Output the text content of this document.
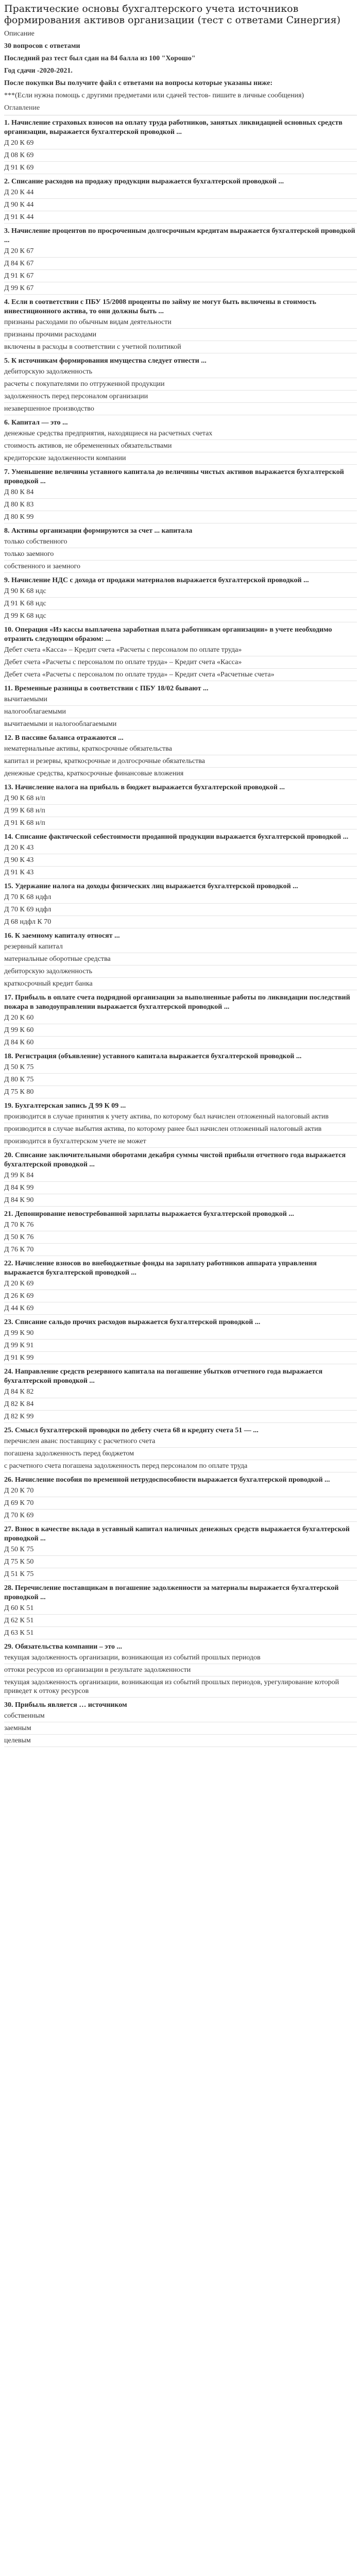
Практические основы бухгалтерского учета источников формирования активов организации (тест с ответами Синергия)
Описание
30 вопросов с ответами
Последний раз тест был сдан на 84 балла из 100 "Хорошо"
Год сдачи -2020-2021.
После покупки Вы получите файл с ответами на вопросы которые указаны ниже:
***(Если нужна помощь с другими предметами или сдачей тестов- пишите в личные сообщения)
Оглавление
1. Начисление страховых взносов на оплату труда работников, занятых ликвидацией основных средств организации, выражается бухгалтерской проводкой ...
Д 20 К 69
Д 08 К 69
Д 91 К 69
2. Списание расходов на продажу продукции выражается бухгалтерской проводкой ...
Д 20 К 44
Д 90 К 44
Д 91 К 44
3. Начисление процентов по просроченным долгосрочным кредитам выражается бухгалтерской проводкой ...
Д 20 К 67
Д 84 К 67
Д 91 К 67
Д 99 К 67
4. Если в соответствии с ПБУ 15/2008 проценты по займу не могут быть включены в стоимость инвестиционного актива, то они должны быть ...
признаны расходами по обычным видам деятельности
признаны прочими расходами
включены в расходы в соответствии с учетной политикой
5. К источникам формирования имущества следует отнести ...
дебиторскую задолженность
расчеты с покупателями по отгруженной продукции
задолженность перед персоналом организации
незавершенное производство
6. Капитал — это ...
денежные средства предприятия, находящиеся на расчетных счетах
стоимость активов, не обремененных обязательствами
кредиторские задолженности компании
7. Уменьшение величины уставного капитала до величины чистых активов выражается бухгалтерской проводкой ...
Д 80 К 84
Д 80 К 83
Д 80 К 99
8. Активы организации формируются за счет ... капитала
только собственного
только заемного
собственного и заемного
9. Начисление НДС с дохода от продажи материалов выражается бухгалтерской проводкой ...
Д 90 К 68 ндс
Д 91 К 68 ндс
Д 99 К 68 ндс
10. Операция «Из кассы выплачена заработная плата работникам организации» в учете необходимо отразить следующим образом: ...
Дебет счета «Касса» – Кредит счета «Расчеты с персоналом по оплате труда»
Дебет счета «Расчеты с персоналом по оплате труда» – Кредит счета «Касса»
Дебет счета «Расчеты с персоналом по оплате труда» – Кредит счета «Расчетные счета»
11. Временные разницы в соответствии с ПБУ 18/02 бывают ...
вычитаемыми
налогооблагаемыми
вычитаемыми и налогооблагаемыми
12. В пассиве баланса отражаются ...
нематериальные активы, краткосрочные обязательства
капитал и резервы, краткосрочные и долгосрочные обязательства
денежные средства, краткосрочные финансовые вложения
13. Начисление налога на прибыль в бюджет выражается бухгалтерской проводкой ...
Д 90 К 68 н/п
Д 99 К 68 н/п
Д 91 К 68 н/п
14. Списание фактической себестоимости проданной продукции выражается бухгалтерской проводкой ...
Д 20 К 43
Д 90 К 43
Д 91 К 43
15. Удержание налога на доходы физических лиц выражается бухгалтерской проводкой ...
Д 70 К 68 ндфл
Д 70 К 69 ндфл
Д 68 ндфл К 70
16. К заемному капиталу относят ...
резервный капитал
материальные оборотные средства
дебиторскую задолженность
краткосрочный кредит банка
17. Прибыль в оплате счета подрядной организации за выполненные работы по ликвидации последствий пожара в заводоуправлении выражается бухгалтерской проводкой ...
Д 20 К 60
Д 99 К 60
Д 84 К 60
18. Регистрация (объявление) уставного капитала выражается бухгалтерской проводкой ...
Д 50 К 75
Д 80 К 75
Д 75 К 80
19. Бухгалтерская запись Д 99 К 09 ...
производится в случае принятия к учету актива, по которому был начислен отложенный налоговый актив
производится в случае выбытия актива, по которому ранее был начислен отложенный налоговый актив
производится в бухгалтерском учете не может
20. Списание заключительными оборотами декабря суммы чистой прибыли отчетного года выражается бухгалтерской проводкой ...
Д 99 К 84
Д 84 К 99
Д 84 К 90
21. Депонирование невостребованной зарплаты выражается бухгалтерской проводкой ...
Д 70 К 76
Д 50 К 76
Д 76 К 70
22. Начисление взносов во внебюджетные фонды на зарплату работников аппарата управления выражается бухгалтерской проводкой ...
Д 20 К 69
Д 26 К 69
Д 44 К 69
23. Списание сальдо прочих расходов выражается бухгалтерской проводкой ...
Д 99 К 90
Д 99 К 91
Д 91 К 99
24. Направление средств резервного капитала на погашение убытков отчетного года выражается бухгалтерской проводкой ...
Д 84 К 82
Д 82 К 84
Д 82 К 99
25. Смысл бухгалтерской проводки по дебету счета 68 и кредиту счета 51 — ...
перечислен аванс поставщику с расчетного счета
погашена задолженность перед бюджетом
с расчетного счета погашена задолженность перед персоналом по оплате труда
26. Начисление пособия по временной нетрудоспособности выражается бухгалтерской проводкой ...
Д 20 К 70
Д 69 К 70
Д 70 К 69
27. Взнос в качестве вклада в уставный капитал наличных денежных средств выражается бухгалтерской проводкой ...
Д 50 К 75
Д 75 К 50
Д 51 К 75
28. Перечисление поставщикам в погашение задолженности за материалы выражается бухгалтерской проводкой ...
Д 60 К 51
Д 62 К 51
Д 63 К 51
29. Обязательства компании – это ...
текущая задолженность организации, возникающая из событий прошлых периодов
оттоки ресурсов из организации в результате задолженности
текущая задолженность организации, возникающая из событий прошлых периодов, урегулирование которой приведет к оттоку ресурсов
30. Прибыль является … источником
собственным
заемным
целевым
